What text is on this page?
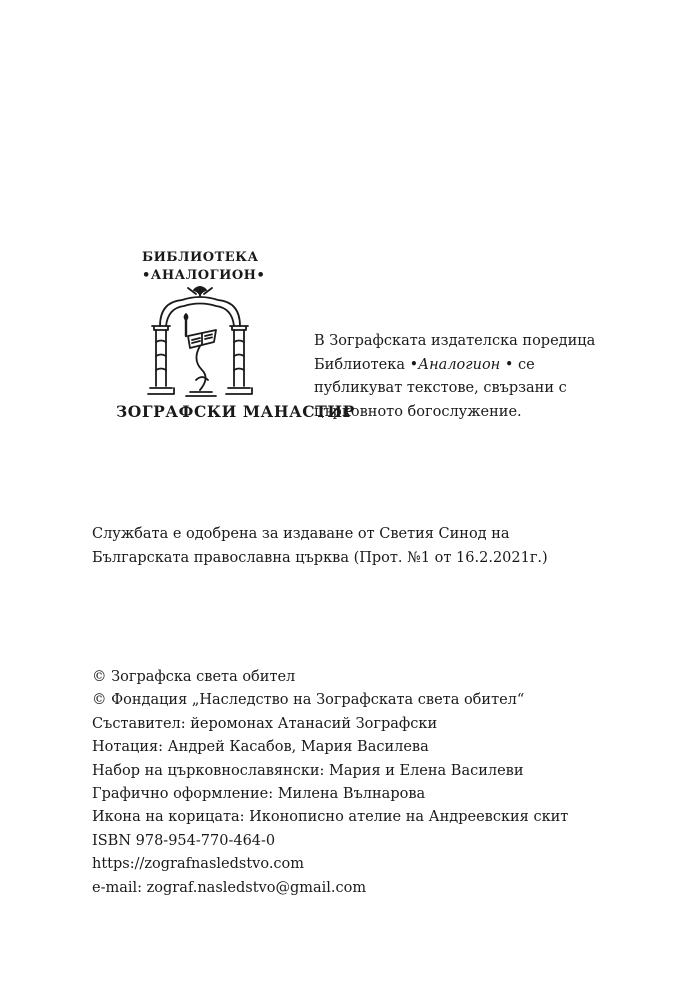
БИБЛИОТЕКА
•АНАЛОГИОН•
ЗОГРАФСКИ МАНАСТИР
В Зографската издателска поредица
Библиотека •Аналогион • се
публикуват текстове, свързани с
църковното богослужение.
Службата е одобрена за издаване от Светия Синод на
Българската православна църква (Прот. №1 от 16.2.2021г.)
© Зографска света обител
© Фондация „Наследство на Зографската света обител“
Съставител: йеромонах Атанасий Зографски
Нотация: Андрей Касабов, Мария Василева
Набор на църковнославянски: Мария и Елена Василеви
Графично оформление: Милена Вълнарова
Икона на корицата: Иконописно ателие на Андреевския скит
ISBN 978-954-770-464-0
https://zografnasledstvo.com
e-mail: zograf.nasledstvo@gmail.com
